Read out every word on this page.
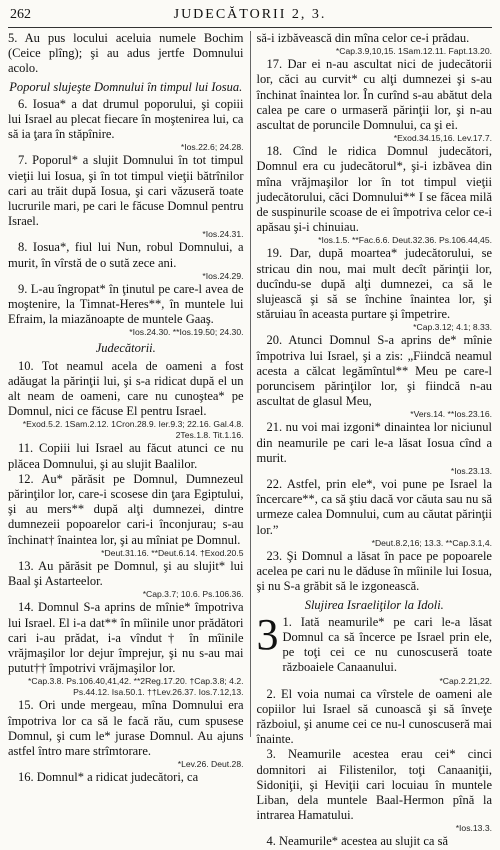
262	JUDECĂTORII 2, 3.

5. Au pus locului aceluia numele Bochim (Ceice plîng); şi au adus jertfe Domnului acolo.

Poporul slujeşte Domnului în timpul lui Iosua.

6. Iosua* a dat drumul poporului, şi copiii lui Israel au plecat fiecare în moştenirea lui, ca să ia ţara în stăpînire.
*Ios.22.6; 24.28.

7. Poporul* a slujit Domnului în tot timpul vieţii lui Iosua, şi în tot timpul vieţii bătrînilor cari au trăit după Iosua, şi cari văzuseră toate lucrurile mari, pe cari le făcuse Domnul pentru Israel.
*Ios.24.31.

8. Iosua*, fiul lui Nun, robul Domnului, a murit, în vîrstă de o sută zece ani.
*Ios.24.29.

9. L-au îngropat* în ţinutul pe care-l avea de moştenire, la Timnat-Heres**, în muntele lui Efraim, la miazănoapte de muntele Gaaş.
*Ios.24.30. **Ios.19.50; 24.30.

Judecătorii.

10. Tot neamul acela de oameni a fost adăugat la părinţii lui, şi s-a ridicat după el un alt neam de oameni, care nu cunoştea* pe Domnul, nici ce făcuse El pentru Israel.
*Exod.5.2. 1Sam.2.12. 1Cron.28.9. Ier.9.3; 22.16. Gal.4.8. 2Tes.1.8. Tit.1.16.

11. Copiii lui Israel au făcut atunci ce nu plăcea Domnului, şi au slujit Baalilor.

12. Au* părăsit pe Domnul, Dumnezeul părinţilor lor, care-i scosese din ţara Egiptului, şi au mers** după alţi dumnezei, dintre dumnezeii popoarelor cari-i înconjurau; s-au închinat† înaintea lor, şi au mîniat pe Domnul.
*Deut.31.16. **Deut.6.14. †Exod.20.5

13. Au părăsit pe Domnul, şi au slujit* lui Baal şi Astarteelor.
*Cap.3.7; 10.6. Ps.106.36.

14. Domnul S-a aprins de mînie* împotriva lui Israel. El i-a dat** în mîinile unor prădători cari i-au prădat, i-a vîndut† în mîinile vrăjmaşilor lor dejur împrejur, şi nu s-au mai putut†† împotrivi vrăjmaşilor lor.
*Cap.3.8. Ps.106.40,41,42. **2Reg.17.20. †Cap.3.8; 4.2. Ps.44.12. Isa.50.1. ††Lev.26.37. Ios.7.12,13.

15. Ori unde mergeau, mîna Domnului era împotriva lor ca să le facă rău, cum spusese Domnul, şi cum le* jurase Domnul. Au ajuns astfel întro mare strîmtorare.
*Lev.26. Deut.28.

16. Domnul* a ridicat judecători, ca

să-i izbăvească din mîna celor ce-i prădau.
*Cap.3.9,10,15. 1Sam.12.11. Fapt.13.20.

17. Dar ei n-au ascultat nici de judecătorii lor, căci au curvit* cu alţi dumnezei şi s-au închinat înaintea lor. În curînd s-au abătut dela calea pe care o urmaseră părinţii lor, şi n-au ascultat de poruncile Domnului, ca şi ei.
*Exod.34.15,16. Lev.17.7.

18. Cînd le ridica Domnul judecători, Domnul era cu judecătorul*, şi-i izbăvea din mîna vrăjmaşilor lor în tot timpul vieţii judecătorului, căci Domnului** I se făcea milă de suspinurile scoase de ei împotriva celor ce-i apăsau şi-i chinuiau.
*Ios.1.5. **Fac.6.6. Deut.32.36. Ps.106.44,45.

19. Dar, după moartea* judecătorului, se stricau din nou, mai mult decît părinţii lor, ducîndu-se după alţi dumnezei, ca să le slujească şi să se închine înaintea lor, şi stăruiau în aceasta purtare şi împetrire.
*Cap.3.12; 4.1; 8.33.

20. Atunci Domnul S-a aprins de* mînie împotriva lui Israel, şi a zis: „Fiindcă neamul acesta a călcat legămîntul** Meu pe care-l poruncisem părinţilor lor, şi fiindcă n-au ascultat de glasul Meu,
*Vers.14. **Ios.23.16.

21. nu voi mai izgoni* dinaintea lor niciunul din neamurile pe cari le-a lăsat Iosua cînd a murit.
*Ios.23.13.

22. Astfel, prin ele*, voi pune pe Israel la încercare**, ca să ştiu dacă vor căuta sau nu să urmeze calea Domnului, cum au căutat părinţii lor.”
*Deut.8.2,16; 13.3. **Cap.3.1,4.

23. Şi Domnul a lăsat în pace pe popoarele acelea pe cari nu le dăduse în mîinile lui Iosua, şi nu S-a grăbit să le izgonească.

Slujirea Israeliţilor la Idoli.

3 1. Iată neamurile* pe cari le-a lăsat Domnul ca să încerce pe Israel prin ele, pe toţi cei ce nu cunoscuseră toate războaiele Canaanului.
*Cap.2.21,22.

2. El voia numai ca vîrstele de oameni ale copiilor lui Israel să cunoască şi să înveţe războiul, şi anume cei ce nu-l cunoscuseră mai înainte.

3. Neamurile acestea erau cei* cinci domnitori ai Filistenilor, toţi Canaaniţii, Sidoniţii, şi Heviţii cari locuiau în muntele Liban, dela muntele Baal-Hermon pînă la intrarea Hamatului.
*Ios.13.3.

4. Neamurile* acestea au slujit ca să
